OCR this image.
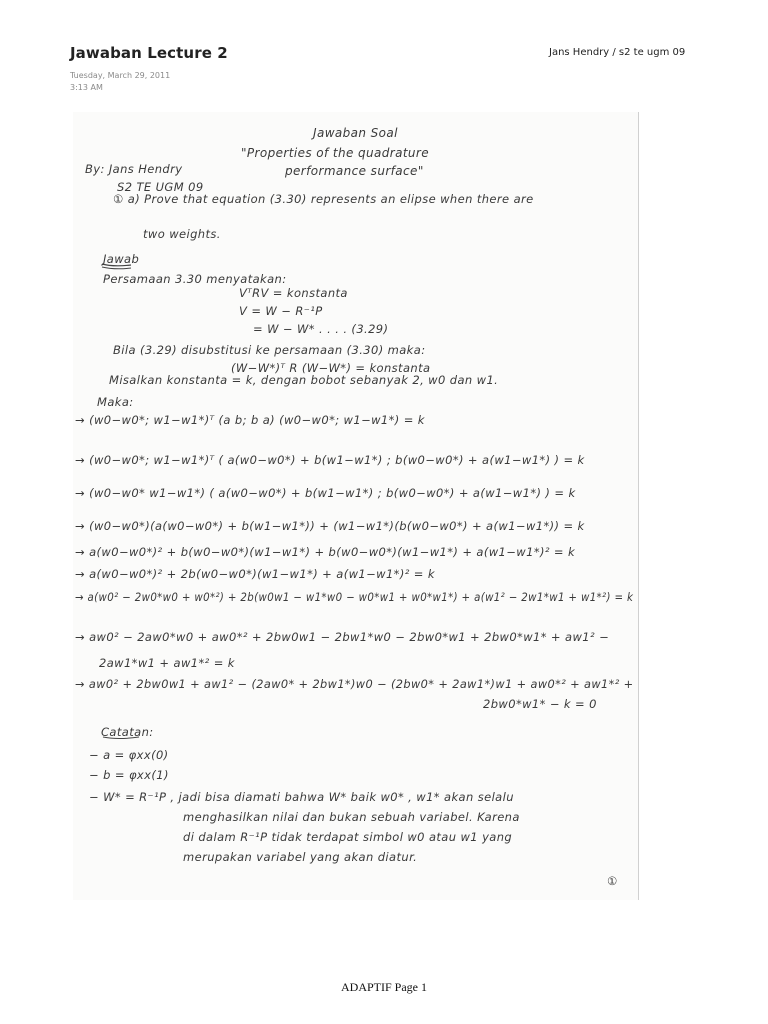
Jawaban Lecture 2	Jans Hendry / s2 te ugm 09
Tuesday, March 29, 2011
3:13 AM
Jawaban Soal
"Properties of the quadrature
performance surface"
By: Jans Hendry
S2 TE UGM 09
① a) Prove that equation (3.30) represents an elipse when there are
two weights.
Jawab
Persamaan 3.30 menyatakan:
VᵀRV = konstanta
V = W − R⁻¹P
= W − W* . . . . (3.29)
Bila (3.29) disubstitusi ke persamaan (3.30) maka:
(W−W*)ᵀ R (W−W*) = konstanta
Misalkan konstanta = k, dengan bobot sebanyak 2, w0 dan w1.
Maka:
→ (w0−w0*; w1−w1*)ᵀ (a b; b a) (w0−w0*; w1−w1*) = k
→ (w0−w0*; w1−w1*)ᵀ ( a(w0−w0*) + b(w1−w1*) ; b(w0−w0*) + a(w1−w1*) ) = k
→ (w0−w0* w1−w1*) ( a(w0−w0*) + b(w1−w1*) ; b(w0−w0*) + a(w1−w1*) ) = k
→ (w0−w0*)(a(w0−w0*) + b(w1−w1*)) + (w1−w1*)(b(w0−w0*) + a(w1−w1*)) = k
→ a(w0−w0*)² + b(w0−w0*)(w1−w1*) + b(w0−w0*)(w1−w1*) + a(w1−w1*)² = k
→ a(w0−w0*)² + 2b(w0−w0*)(w1−w1*) + a(w1−w1*)² = k
→ a(w0² − 2w0*w0 + w0*²) + 2b(w0w1 − w1*w0 − w0*w1 + w0*w1*) + a(w1² − 2w1*w1 + w1*²) = k
→ aw0² − 2aw0*w0 + aw0*² + 2bw0w1 − 2bw1*w0 − 2bw0*w1 + 2bw0*w1* + aw1² −
2aw1*w1 + aw1*² = k
→ aw0² + 2bw0w1 + aw1² − (2aw0* + 2bw1*)w0 − (2bw0* + 2aw1*)w1 + aw0*² + aw1*² +
2bw0*w1* − k = 0
Catatan:
− a = φxx(0)
− b = φxx(1)
− W* = R⁻¹P , jadi bisa diamati bahwa W* baik w0* , w1* akan selalu
menghasilkan nilai dan bukan sebuah variabel. Karena
di dalam R⁻¹P tidak terdapat simbol w0 atau w1 yang
merupakan variabel yang akan diatur.
①
ADAPTIF Page 1
